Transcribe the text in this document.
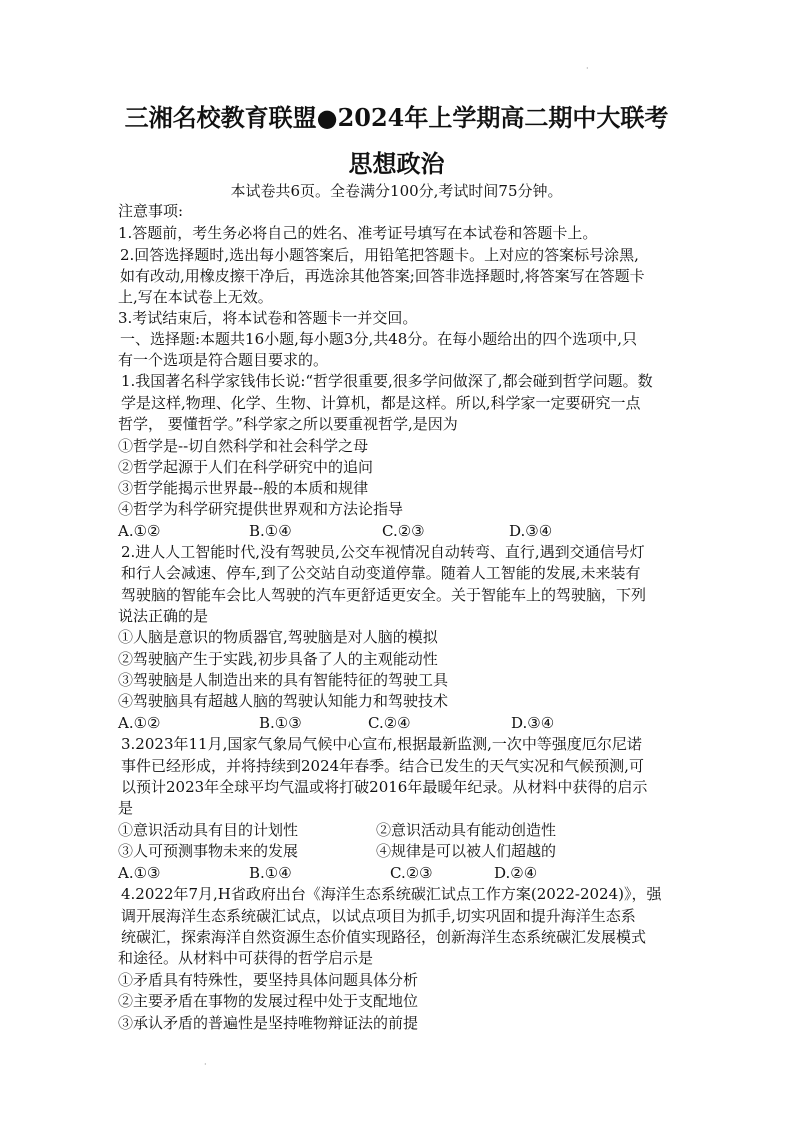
·
三湘名校教育联盟●2024年上学期高二期中大联考
思想政治
本试卷共6页。全卷满分100分,考试时间75分钟。
注意事项:
1.答题前，考生务必将自己的姓名、准考证号填写在本试卷和答题卡上。
2.回答选择题时,选出每小题答案后，用铅笔把答题卡。上对应的答案标号涂黑,
如有改动,用橡皮擦干净后，再选涂其他答案;回答非选择题时,将答案写在答题卡
上,写在本试卷上无效。
3.考试结束后，将本试卷和答题卡一并交回。
一、选择题:本题共16小题,每小题3分,共48分。在每小题给出的四个选项中,只
有一个选项是符合题目要求的。
1.我国著名科学家钱伟长说:“哲学很重要,很多学问做深了,都会碰到哲学问题。数
学是这样,物理、化学、生物、计算机，都是这样。所以,科学家一定要研究一点
哲学， 要懂哲学。”科学家之所以要重视哲学,是因为
①哲学是--切自然科学和社会科学之母
②哲学起源于人们在科学研究中的追问
③哲学能揭示世界最--般的本质和规律
④哲学为科学研究提供世界观和方法论指导
A.①②	B.①④	C.②③	D.③④
2.进人人工智能时代,没有驾驶员,公交车视情况自动转弯、直行,遇到交通信号灯
和行人会减速、停车,到了公交站自动变道停靠。随着人工智能的发展,未来装有
驾驶脑的智能车会比人驾驶的汽车更舒适更安全。关于智能车上的驾驶脑，下列
说法正确的是
①人脑是意识的物质器官,驾驶脑是对人脑的模拟
②驾驶脑产生于实践,初步具备了人的主观能动性
③驾驶脑是人制造出来的具有智能特征的驾驶工具
④驾驶脑具有超越人脑的驾驶认知能力和驾驶技术
A.①②	B.①③	C.②④	D.③④
3.2023年11月,国家气象局气候中心宣布,根据最新监测,一次中等强度厄尔尼诺
事件已经形成，并将持续到2024年春季。结合已发生的天气实况和气候预测,可
以预计2023年全球平均气温或将打破2016年最暖年纪录。从材料中获得的启示
是
①意识活动具有目的计划性	②意识活动具有能动创造性
③人可预测事物未来的发展	④规律是可以被人们超越的
A.①③	B.①④	C.②③	D.②④
4.2022年7月,H省政府出台《海洋生态系统碳汇试点工作方案(2022-2024)》，强
调开展海洋生态系统碳汇试点，以试点项目为抓手,切实巩固和提升海洋生态系
统碳汇，探索海洋自然资源生态价值实现路径，创新海洋生态系统碳汇发展模式
和途径。从材料中可获得的哲学启示是
①矛盾具有特殊性，要坚持具体问题具体分析
②主要矛盾在事物的发展过程中处于支配地位
③承认矛盾的普遍性是坚持唯物辩证法的前提
·
